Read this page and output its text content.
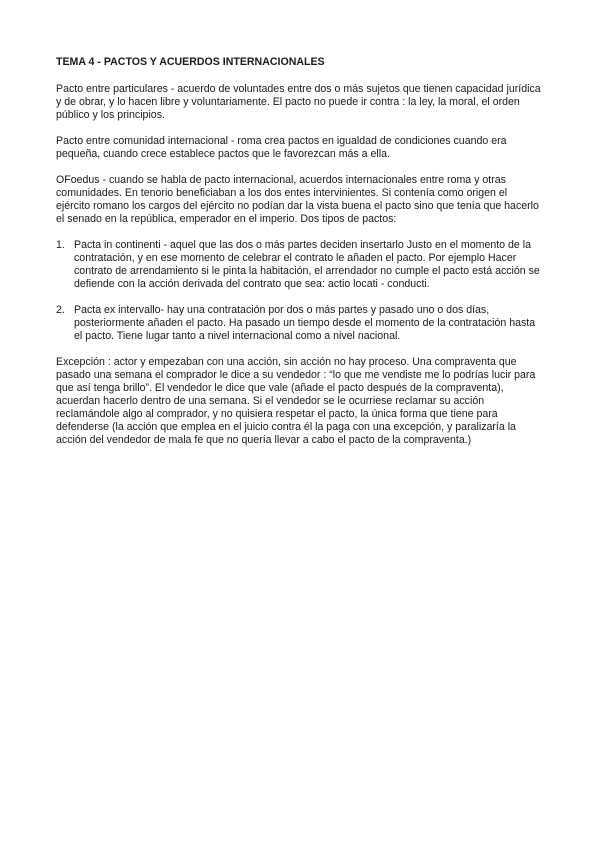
TEMA 4 - PACTOS Y ACUERDOS INTERNACIONALES

Pacto entre particulares - acuerdo de voluntades entre dos o más sujetos que tienen capacidad jurídica y de obrar, y lo hacen libre y voluntariamente. El pacto no puede ir contra : la ley, la moral, el orden público y los principios.

Pacto entre comunidad internacional - roma crea pactos en igualdad de condiciones cuando era pequeña, cuando crece establece pactos que le favorezcan más a ella.

OFoedus - cuando se habla de pacto internacional, acuerdos internacionales entre roma y otras comunidades. En tenorio beneficiaban a los dos entes intervinientes. Si contenía como origen el ejército romano los cargos del ejército no podían dar la vista buena el pacto sino que tenía que hacerlo el senado en la república, emperador en el imperio. Dos tipos de pactos:

1. Pacta in continenti - aquel que las dos o más partes deciden insertarlo Justo en el momento de la contratación, y en ese momento de celebrar el contrato le añaden el pacto. Por ejemplo Hacer contrato de arrendamiento si le pinta la habitación, el arrendador no cumple el pacto está acción se defiende con la acción derivada del contrato que sea: actio locati - conducti.
2. Pacta ex intervallo- hay una contratación por dos o más partes y pasado uno o dos días, posteriormente añaden el pacto. Ha pasado un tiempo desde el momento de la contratación hasta el pacto. Tiene lugar tanto a nivel internacional como a nivel nacional.

Excepción : actor y empezaban con una acción, sin acción no hay proceso. Una compraventa que pasado una semana el comprador le dice a su vendedor : “lo que me vendiste me lo podrías lucir para que así tenga brillo”. El vendedor le dice que vale (añade el pacto después de la compraventa), acuerdan hacerlo dentro de una semana. Si el vendedor se le ocurriese reclamar su acción reclamándole algo al comprador, y no quisiera respetar el pacto, la única forma que tiene para defenderse (la acción que emplea en el juicio contra él la paga con una excepción, y paralizaría la acción del vendedor de mala fe que no quería llevar a cabo el pacto de la compraventa.)
